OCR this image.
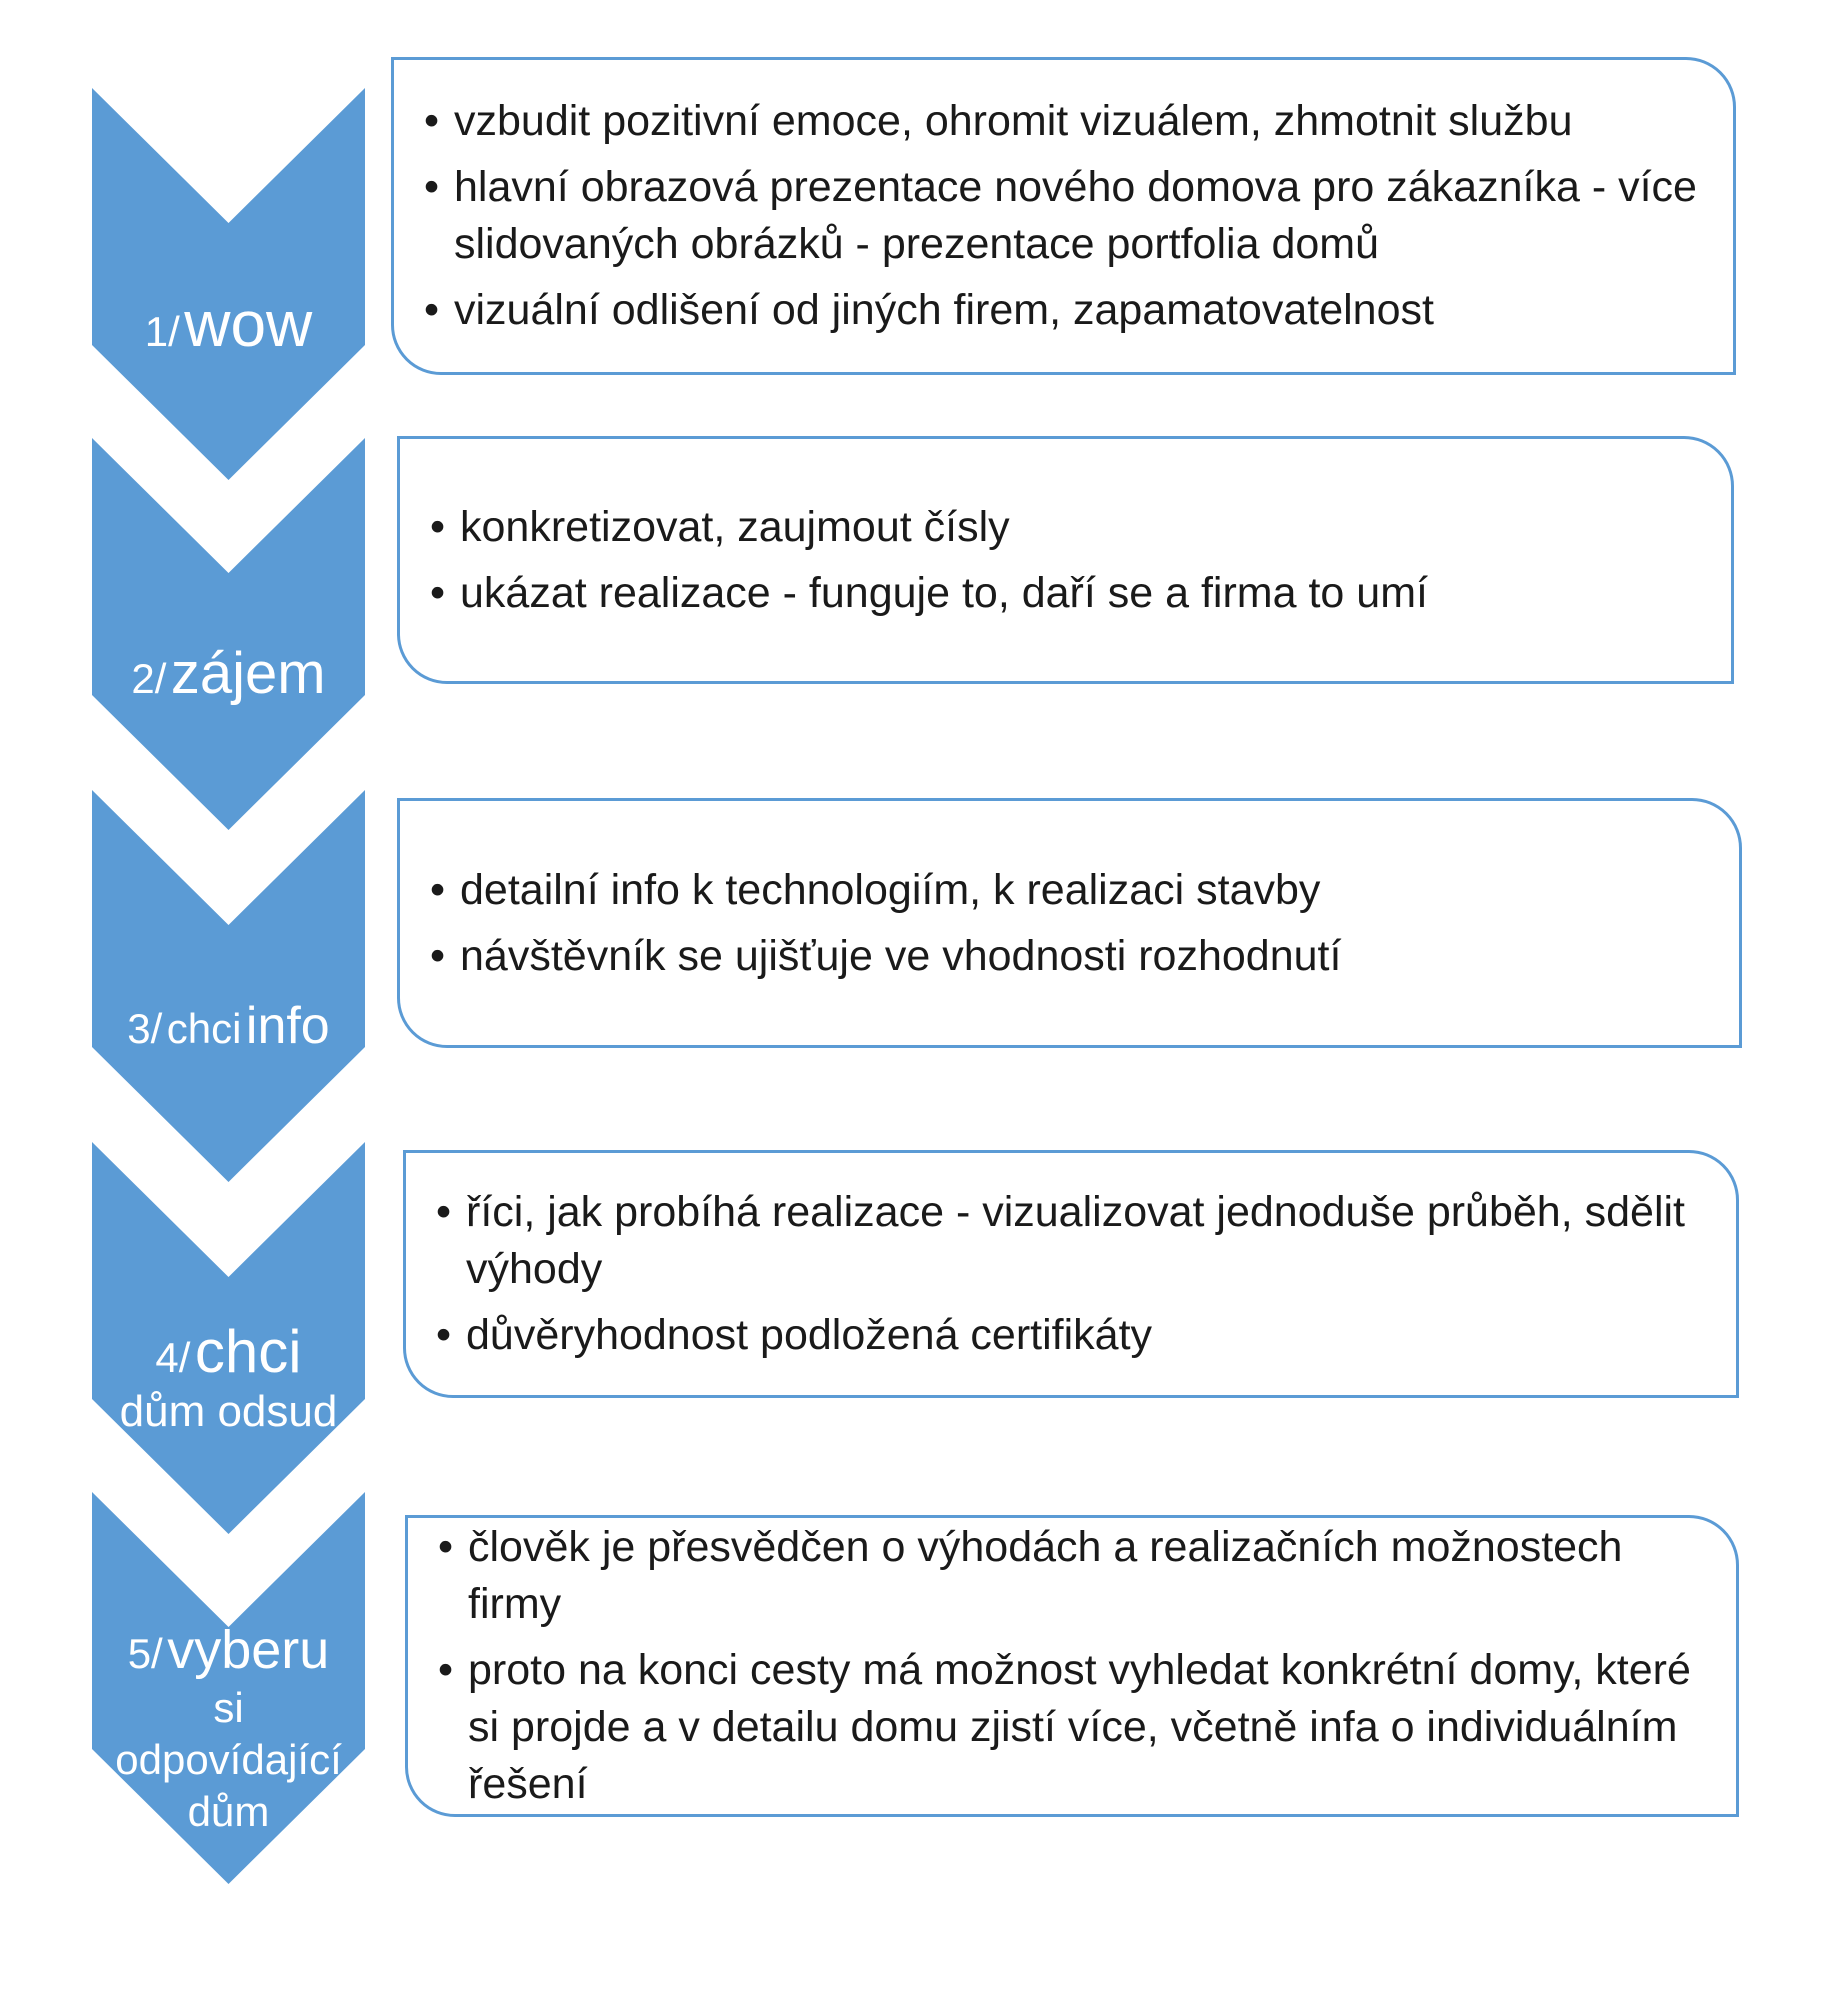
1/ wow
• vzbudit pozitivní emoce, ohromit vizuálem, zhmotnit službu
• hlavní obrazová prezentace nového domova pro zákazníka - více slidovaných obrázků - prezentace portfolia domů
• vizuální odlišení od jiných firem, zapamatovatelnost
2/ zájem
• konkretizovat, zaujmout čísly
• ukázat realizace - funguje to, daří se a firma to umí
3/ chci info
• detailní info k technologiím, k realizaci stavby
• návštěvník se ujišťuje ve vhodnosti rozhodnutí
4/ chci
dům odsud
• říci, jak probíhá realizace - vizualizovat jednoduše průběh, sdělit výhody
• důvěryhodnost podložená certifikáty
5/ vyberu
si
odpovídající
dům
• člověk je přesvědčen o výhodách a realizačních možnostech firmy
• proto na konci cesty má možnost vyhledat konkrétní domy, které si projde a v detailu domu zjistí více, včetně infa o individuálním řešení
